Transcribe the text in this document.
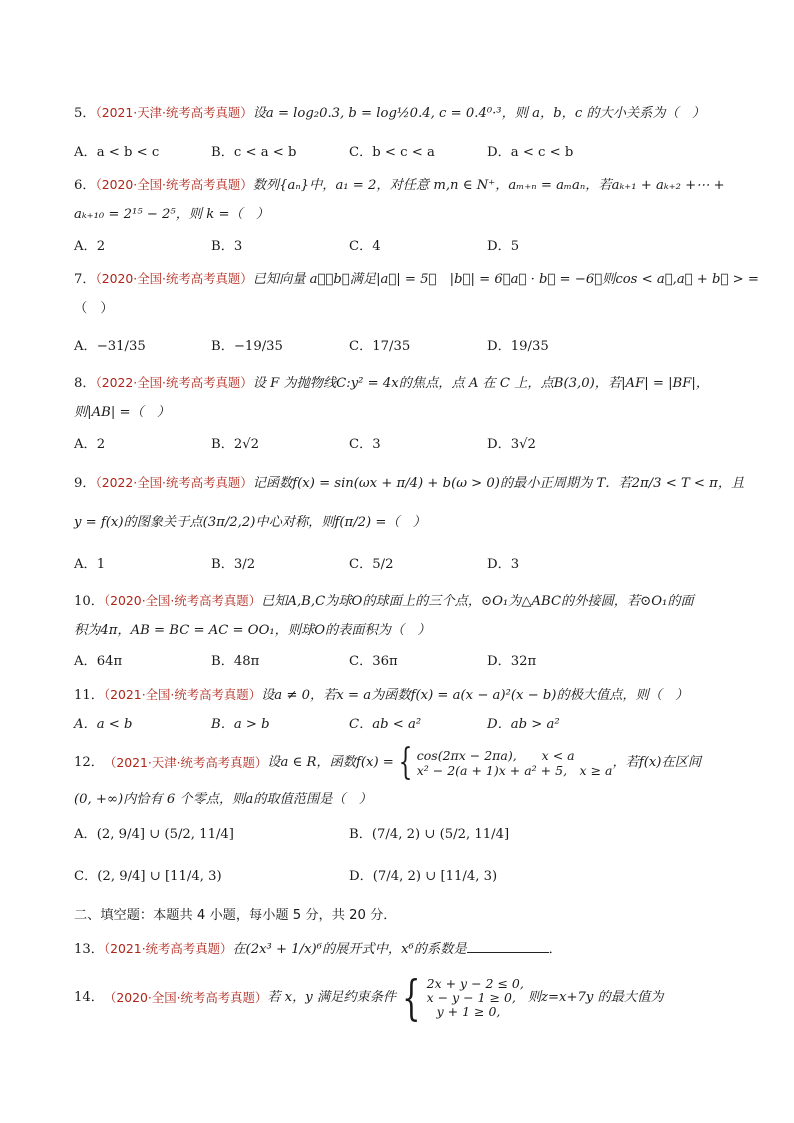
5．（2021·天津·统考高考真题）设a = log₂0.3, b = log½0.4, c = 0.4⁰·³，则 a，b，c 的大小关系为（　）
A．a < b < c	B．c < a < b	C．b < c < a	D．a < c < b
6．（2020·全国·统考高考真题）数列{aₙ}中，a₁ = 2，对任意 m,n ∈ N⁺，aₘ₊ₙ = aₘaₙ，若aₖ₊₁ + aₖ₊₂ +⋯ +
aₖ₊₁₀ = 2¹⁵ − 2⁵，则 k =（　）
A．2	B．3	C．4	D．5
7．（2020·全国·统考高考真题）已知向量 a⃗，b⃗满足|a⃗| = 5，　|b⃗| = 6，a⃗ · b⃗ = −6，则cos < a⃗,a⃗ + b⃗ > =
（　）
A．−31/35	B．−19/35	C．17/35	D．19/35
8．（2022·全国·统考高考真题）设 F 为抛物线C:y² = 4x的焦点，点 A 在 C 上，点B(3,0)，若|AF| = |BF|，
则|AB| =（　）
A．2	B．2√2	C．3	D．3√2
9．（2022·全国·统考高考真题）记函数f(x) = sin(ωx + π/4) + b(ω > 0)的最小正周期为 T．若2π/3 < T < π，且
y = f(x)的图象关于点(3π/2,2)中心对称，则f(π/2) =（　）
A．1	B．3/2	C．5/2	D．3
10．（2020·全国·统考高考真题）已知A,B,C为球O的球面上的三个点，⊙O₁为△ABC的外接圆，若⊙O₁的面
积为4π，AB = BC = AC = OO₁，则球O的表面积为（　）
A．64π	B．48π	C．36π	D．32π
11．（2021·全国·统考高考真题）设a ≠ 0，若x = a为函数f(x) = a(x − a)²(x − b)的极大值点，则（　）
A．a < b	B．a > b	C．ab < a²	D．ab > a²
12． （2021·天津·统考高考真题） 设a ∈ R，函数f(x) = { cos(2πx − 2πa),　　x < a
x² − 2(a + 1)x + a² + 5,　x ≥ a
，若f(x)在区间
(0, +∞)内恰有 6 个零点，则a的取值范围是（　）
A．(2, 9/4] ∪ (5/2, 11/4]	B．(7/4, 2) ∪ (5/2, 11/4]
C．(2, 9/4] ∪ [11/4, 3)	D．(7/4, 2) ∪ [11/4, 3)
二、填空题：本题共 4 小题，每小题 5 分，共 20 分．
13．（2021·统考高考真题）在(2x³ + 1/x)⁶的展开式中，x⁶的系数是	．
14． （2020·全国·统考高考真题） 若 x，y 满足约束条件 { 2x + y − 2 ≤ 0,
x − y − 1 ≥ 0,
y + 1 ≥ 0,
则z=x+7y 的最大值为
